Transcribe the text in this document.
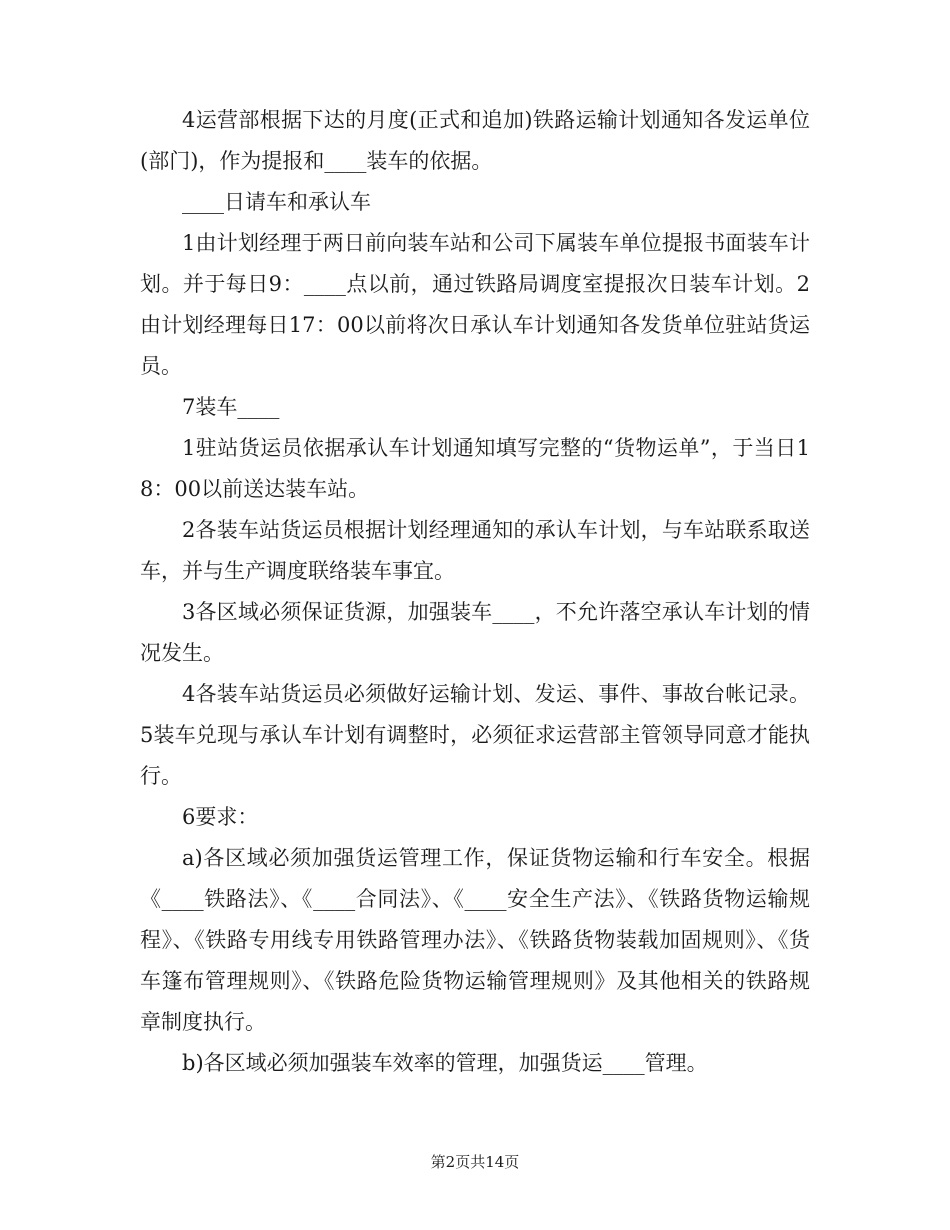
4运营部根据下达的月度(正式和追加)铁路运输计划通知各发运单位(部门)，作为提报和____装车的依据。

____日请车和承认车

1由计划经理于两日前向装车站和公司下属装车单位提报书面装车计划。并于每日9：____点以前，通过铁路局调度室提报次日装车计划。2由计划经理每日17：00以前将次日承认车计划通知各发货单位驻站货运员。

7装车____

1驻站货运员依据承认车计划通知填写完整的“货物运单”，于当日18：00以前送达装车站。

2各装车站货运员根据计划经理通知的承认车计划，与车站联系取送车，并与生产调度联络装车事宜。

3各区域必须保证货源，加强装车____，不允许落空承认车计划的情况发生。

4各装车站货运员必须做好运输计划、发运、事件、事故台帐记录。5装车兑现与承认车计划有调整时，必须征求运营部主管领导同意才能执行。

6要求：

a)各区域必须加强货运管理工作，保证货物运输和行车安全。根据《____铁路法》、《____合同法》、《____安全生产法》、《铁路货物运输规程》、《铁路专用线专用铁路管理办法》、《铁路货物装载加固规则》、《货车篷布管理规则》、《铁路危险货物运输管理规则》及其他相关的铁路规章制度执行。

b)各区域必须加强装车效率的管理，加强货运____管理。

第2页共14页
